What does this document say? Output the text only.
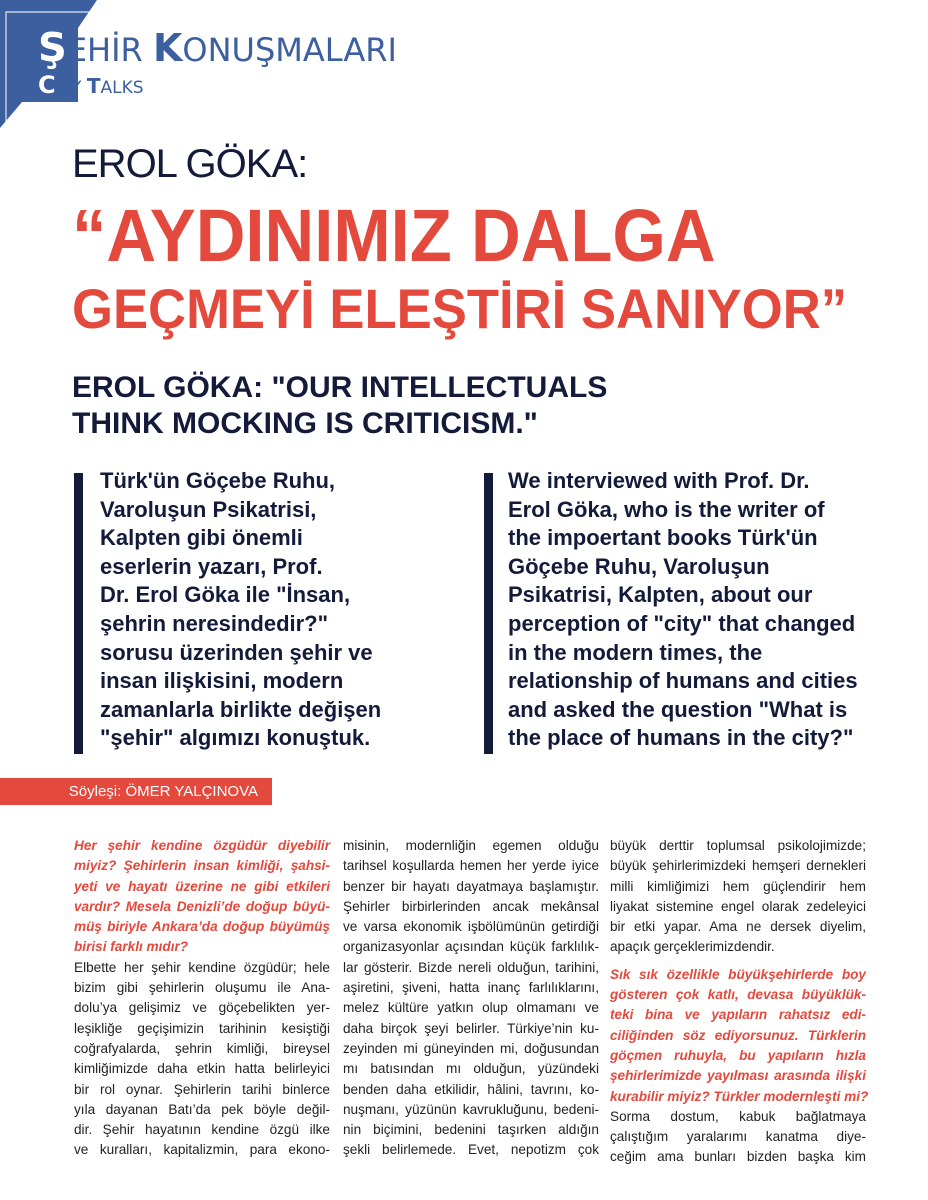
ŞEHİR KONUŞMALARI
CITY TALKS
EROL GÖKA:
“AYDINIMIZ DALGA
GEÇMEYİ ELEŞTİRİ SANIYOR”
EROL GÖKA: "OUR INTELLECTUALS
THINK MOCKING IS CRITICISM."
Türk'ün Göçebe Ruhu,
Varoluşun Psikatrisi,
Kalpten gibi önemli
eserlerin yazarı, Prof.
Dr. Erol Göka ile "İnsan,
şehrin neresindedir?"
sorusu üzerinden şehir ve
insan ilişkisini, modern
zamanlarla birlikte değişen
"şehir" algımızı konuştuk.
We interviewed with Prof. Dr.
Erol Göka, who is the writer of
the impoertant books Türk'ün
Göçebe Ruhu, Varoluşun
Psikatrisi, Kalpten, about our
perception of "city" that changed
in the modern times, the
relationship of humans and cities
and asked the question "What is
the place of humans in the city?"
Söyleşi: ÖMER YALÇINOVA
Her şehir kendine özgüdür diyebilir
miyiz? Şehirlerin insan kimliği, şahsi-
yeti ve hayatı üzerine ne gibi etkileri
vardır? Mesela Denizli’de doğup büyü-
müş biriyle Ankara’da doğup büyümüş
birisi farklı mıdır?
Elbette her şehir kendine özgüdür; hele
bizim gibi şehirlerin oluşumu ile Ana-
dolu’ya gelişimiz ve göçebelikten yer-
leşikliğe geçişimizin tarihinin kesiştiği
coğrafyalarda, şehrin kimliği, bireysel
kimliğimizde daha etkin hatta belirleyici
bir rol oynar. Şehirlerin tarihi binlerce
yıla dayanan Batı’da pek böyle değil-
dir. Şehir hayatının kendine özgü ilke
ve kuralları, kapitalizmin, para ekono-
misinin, modernliğin egemen olduğu
tarihsel koşullarda hemen her yerde iyice
benzer bir hayatı dayatmaya başlamıştır.
Şehirler birbirlerinden ancak mekânsal
ve varsa ekonomik işbölümünün getirdiği
organizasyonlar açısından küçük farklılık-
lar gösterir. Bizde nereli olduğun, tarihini,
aşiretini, şiveni, hatta inanç farlılıklarını,
melez kültüre yatkın olup olmamanı ve
daha birçok şeyi belirler. Türkiye’nin ku-
zeyinden mi güneyinden mi, doğusundan
mı batısından mı olduğun, yüzündeki
benden daha etkilidir, hâlini, tavrını, ko-
nuşmanı, yüzünün kavrukluğunu, bedeni-
nin biçimini, bedenini taşırken aldığın
şekli belirlemede. Evet, nepotizm çok
büyük derttir toplumsal psikolojimizde;
büyük şehirlerimizdeki hemşeri dernekleri
milli kimliğimizi hem güçlendirir hem
liyakat sistemine engel olarak zedeleyici
bir etki yapar. Ama ne dersek diyelim,
apaçık gerçeklerimizdendir.
Sık sık özellikle büyükşehirlerde boy
gösteren çok katlı, devasa büyüklük-
teki bina ve yapıların rahatsız edi-
ciliğinden söz ediyorsunuz. Türklerin
göçmen ruhuyla, bu yapıların hızla
şehirlerimizde yayılması arasında ilişki
kurabilir miyiz? Türkler modernleşti mi?
Sorma dostum, kabuk bağlatmaya
çalıştığım yaralarımı kanatma diye-
ceğim ama bunları bizden başka kim
